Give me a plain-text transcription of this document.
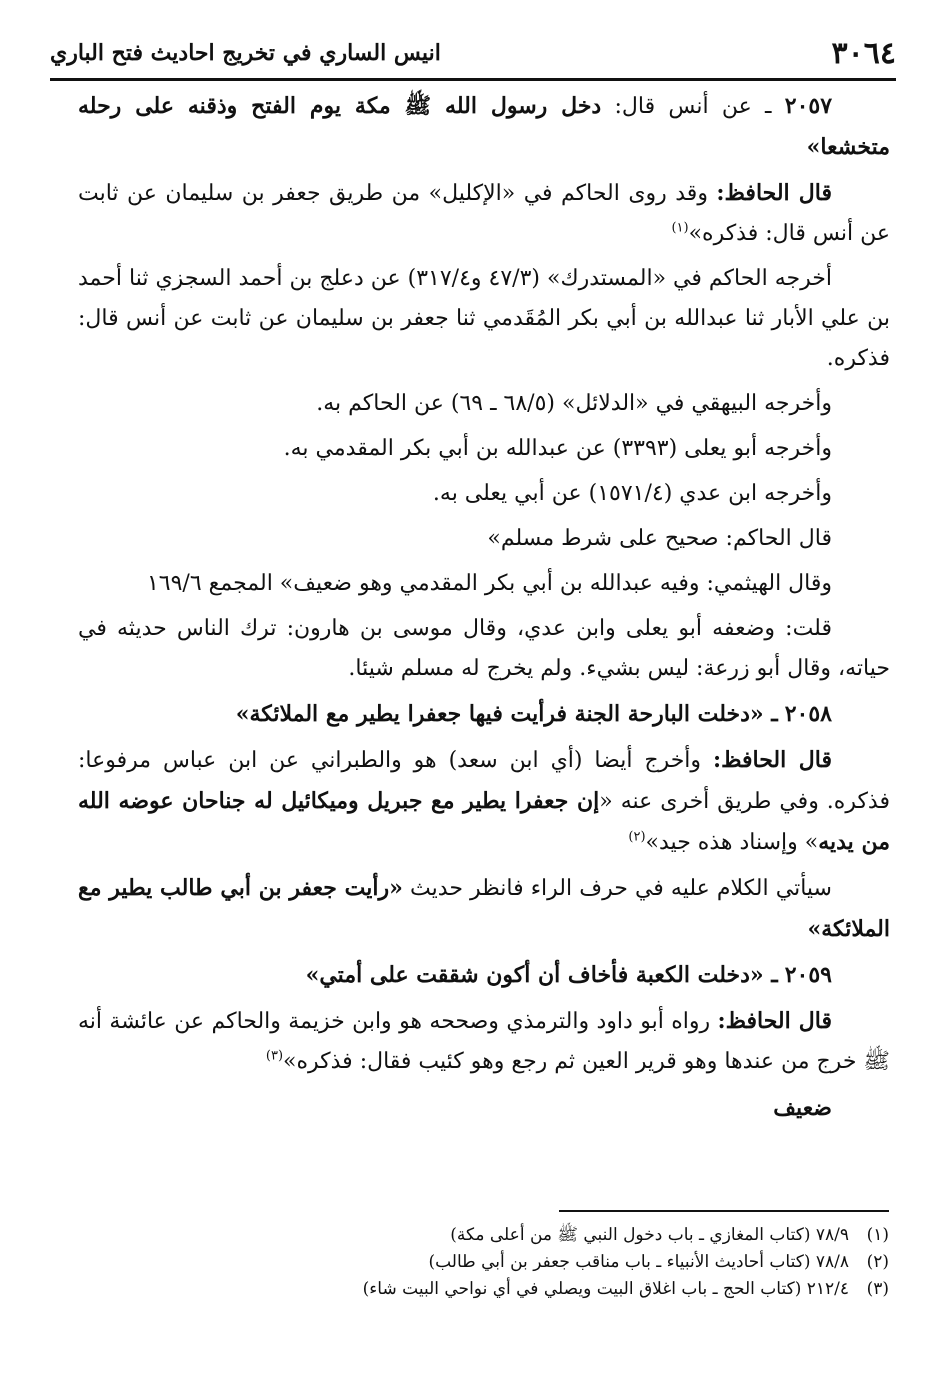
٣٠٦٤
انيس الساري في تخريج احاديث فتح الباري

٢٠٥٧ ـ عن أنس قال: دخل رسول الله ﷺ مكة يوم الفتح وذقنه على رحله متخشعا»

قال الحافظ: وقد روى الحاكم في «الإكليل» من طريق جعفر بن سليمان عن ثابت عن أنس قال: فذكره»$^{(١)}$

أخرجه الحاكم في «المستدرك» (٤٧/٣ و٣١٧/٤) عن دعلج بن أحمد السجزي ثنا أحمد بن علي الأبار ثنا عبدالله بن أبي بكر المُقَدمي ثنا جعفر بن سليمان عن ثابت عن أنس قال: فذكره.

وأخرجه البيهقي في «الدلائل» (٦٨/٥ ـ ٦٩) عن الحاكم به.

وأخرجه أبو يعلى (٣٣٩٣) عن عبدالله بن أبي بكر المقدمي به.

وأخرجه ابن عدي (١٥٧١/٤) عن أبي يعلى به.

قال الحاكم: صحيح على شرط مسلم»

وقال الهيثمي: وفيه عبدالله بن أبي بكر المقدمي وهو ضعيف» المجمع ١٦٩/٦

قلت: وضعفه أبو يعلى وابن عدي، وقال موسى بن هارون: ترك الناس حديثه في حياته، وقال أبو زرعة: ليس بشيء. ولم يخرج له مسلم شيئا.

٢٠٥٨ ـ «دخلت البارحة الجنة فرأيت فيها جعفرا يطير مع الملائكة»

قال الحافظ: وأخرج أيضا (أي ابن سعد) هو والطبراني عن ابن عباس مرفوعا: فذكره. وفي طريق أخرى عنه «إن جعفرا يطير مع جبريل وميكائيل له جناحان عوضه الله من يديه» وإسناد هذه جيد»$^{(٢)}$

سيأتي الكلام عليه في حرف الراء فانظر حديث «رأيت جعفر بن أبي طالب يطير مع الملائكة»

٢٠٥٩ ـ «دخلت الكعبة فأخاف أن أكون شققت على أمتي»

قال الحافظ: رواه أبو داود والترمذي وصححه هو وابن خزيمة والحاكم عن عائشة أنه ﷺ خرج من عندها وهو قرير العين ثم رجع وهو كئيب فقال: فذكره»$^{(٣)}$

ضعيف

(١)٧٨/٩ (كتاب المغازي ـ باب دخول النبي ﷺ من أعلى مكة)
(٢)٧٨/٨ (كتاب أحاديث الأنبياء ـ باب مناقب جعفر بن أبي طالب)
(٣)٢١٢/٤ (كتاب الحج ـ باب اغلاق البيت ويصلي في أي نواحي البيت شاء)
